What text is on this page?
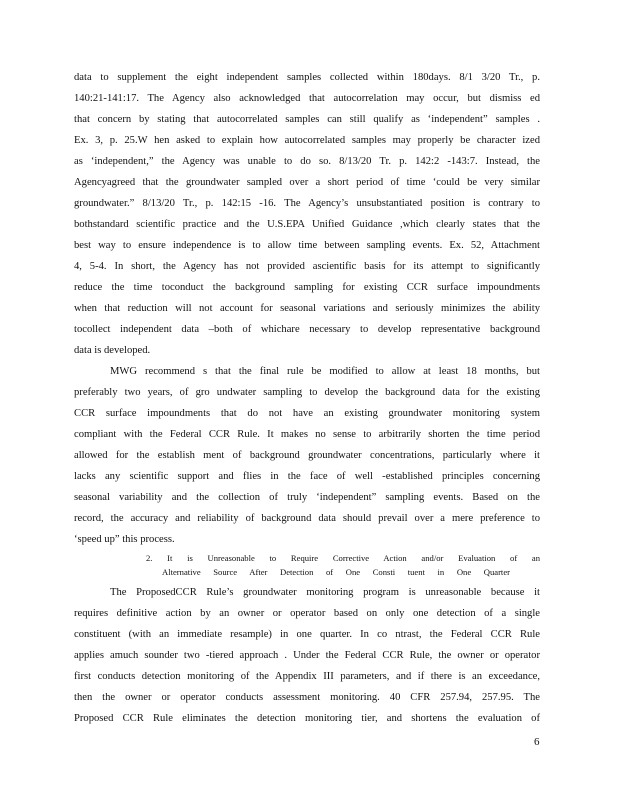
data to supplement the eight independent samples collected within 180days. 8/1 3/20 Tr., p.
140:21-141:17. The Agency also acknowledged that autocorrelation may occur, but dismiss ed
that concern by stating that autocorrelated samples can still qualify as ‘independent” samples .
Ex. 3, p. 25.W hen asked to explain how autocorrelated samples may properly be character ized
as ‘independent,” the Agency was unable to do so. 8/13/20 Tr. p. 142:2 -143:7. Instead, the
Agencyagreed that the groundwater sampled over a short period of time ‘could be very similar
groundwater.” 8/13/20 Tr., p. 142:15 -16. The Agency’s unsubstantiated position is contrary to
bothstandard scientific practice and the U.S.EPA Unified Guidance ,which clearly states that the
best way to ensure independence is to allow time between sampling events. Ex. 52, Attachment
4, 5-4. In short, the Agency has not provided ascientific basis for its attempt to significantly
reduce the time toconduct the background sampling for existing CCR surface impoundments
when that reduction will not account for seasonal variations and seriously minimizes the ability
tocollect independent data –both of whichare necessary to develop representative background
data is developed.
MWG recommend s that the final rule be modified to allow at least 18 months, but
preferably two years, of gro undwater sampling to develop the background data for the existing
CCR surface impoundments that do not have an existing groundwater monitoring system
compliant with the Federal CCR Rule. It makes no sense to arbitrarily shorten the time period
allowed for the establish ment of background groundwater concentrations, particularly where it
lacks any scientific support and flies in the face of well -established principles concerning
seasonal variability and the collection of truly ‘independent” sampling events. Based on the
record, the accuracy and reliability of background data should prevail over a mere preference to
‘speed up” this process.
2. It is Unreasonable to Require Corrective Action and/or Evaluation of an
Alternative Source After Detection of One Consti tuent in One Quarter
The ProposedCCR Rule’s groundwater monitoring program is unreasonable because it
requires definitive action by an owner or operator based on only one detection of a single
constituent (with an immediate resample) in one quarter. In co ntrast, the Federal CCR Rule
applies amuch sounder two -tiered approach . Under the Federal CCR Rule, the owner or operator
first conducts detection monitoring of the Appendix III parameters, and if there is an exceedance,
then the owner or operator conducts assessment monitoring. 40 CFR 257.94, 257.95. The
Proposed CCR Rule eliminates the detection monitoring tier, and shortens the evaluation of
6
